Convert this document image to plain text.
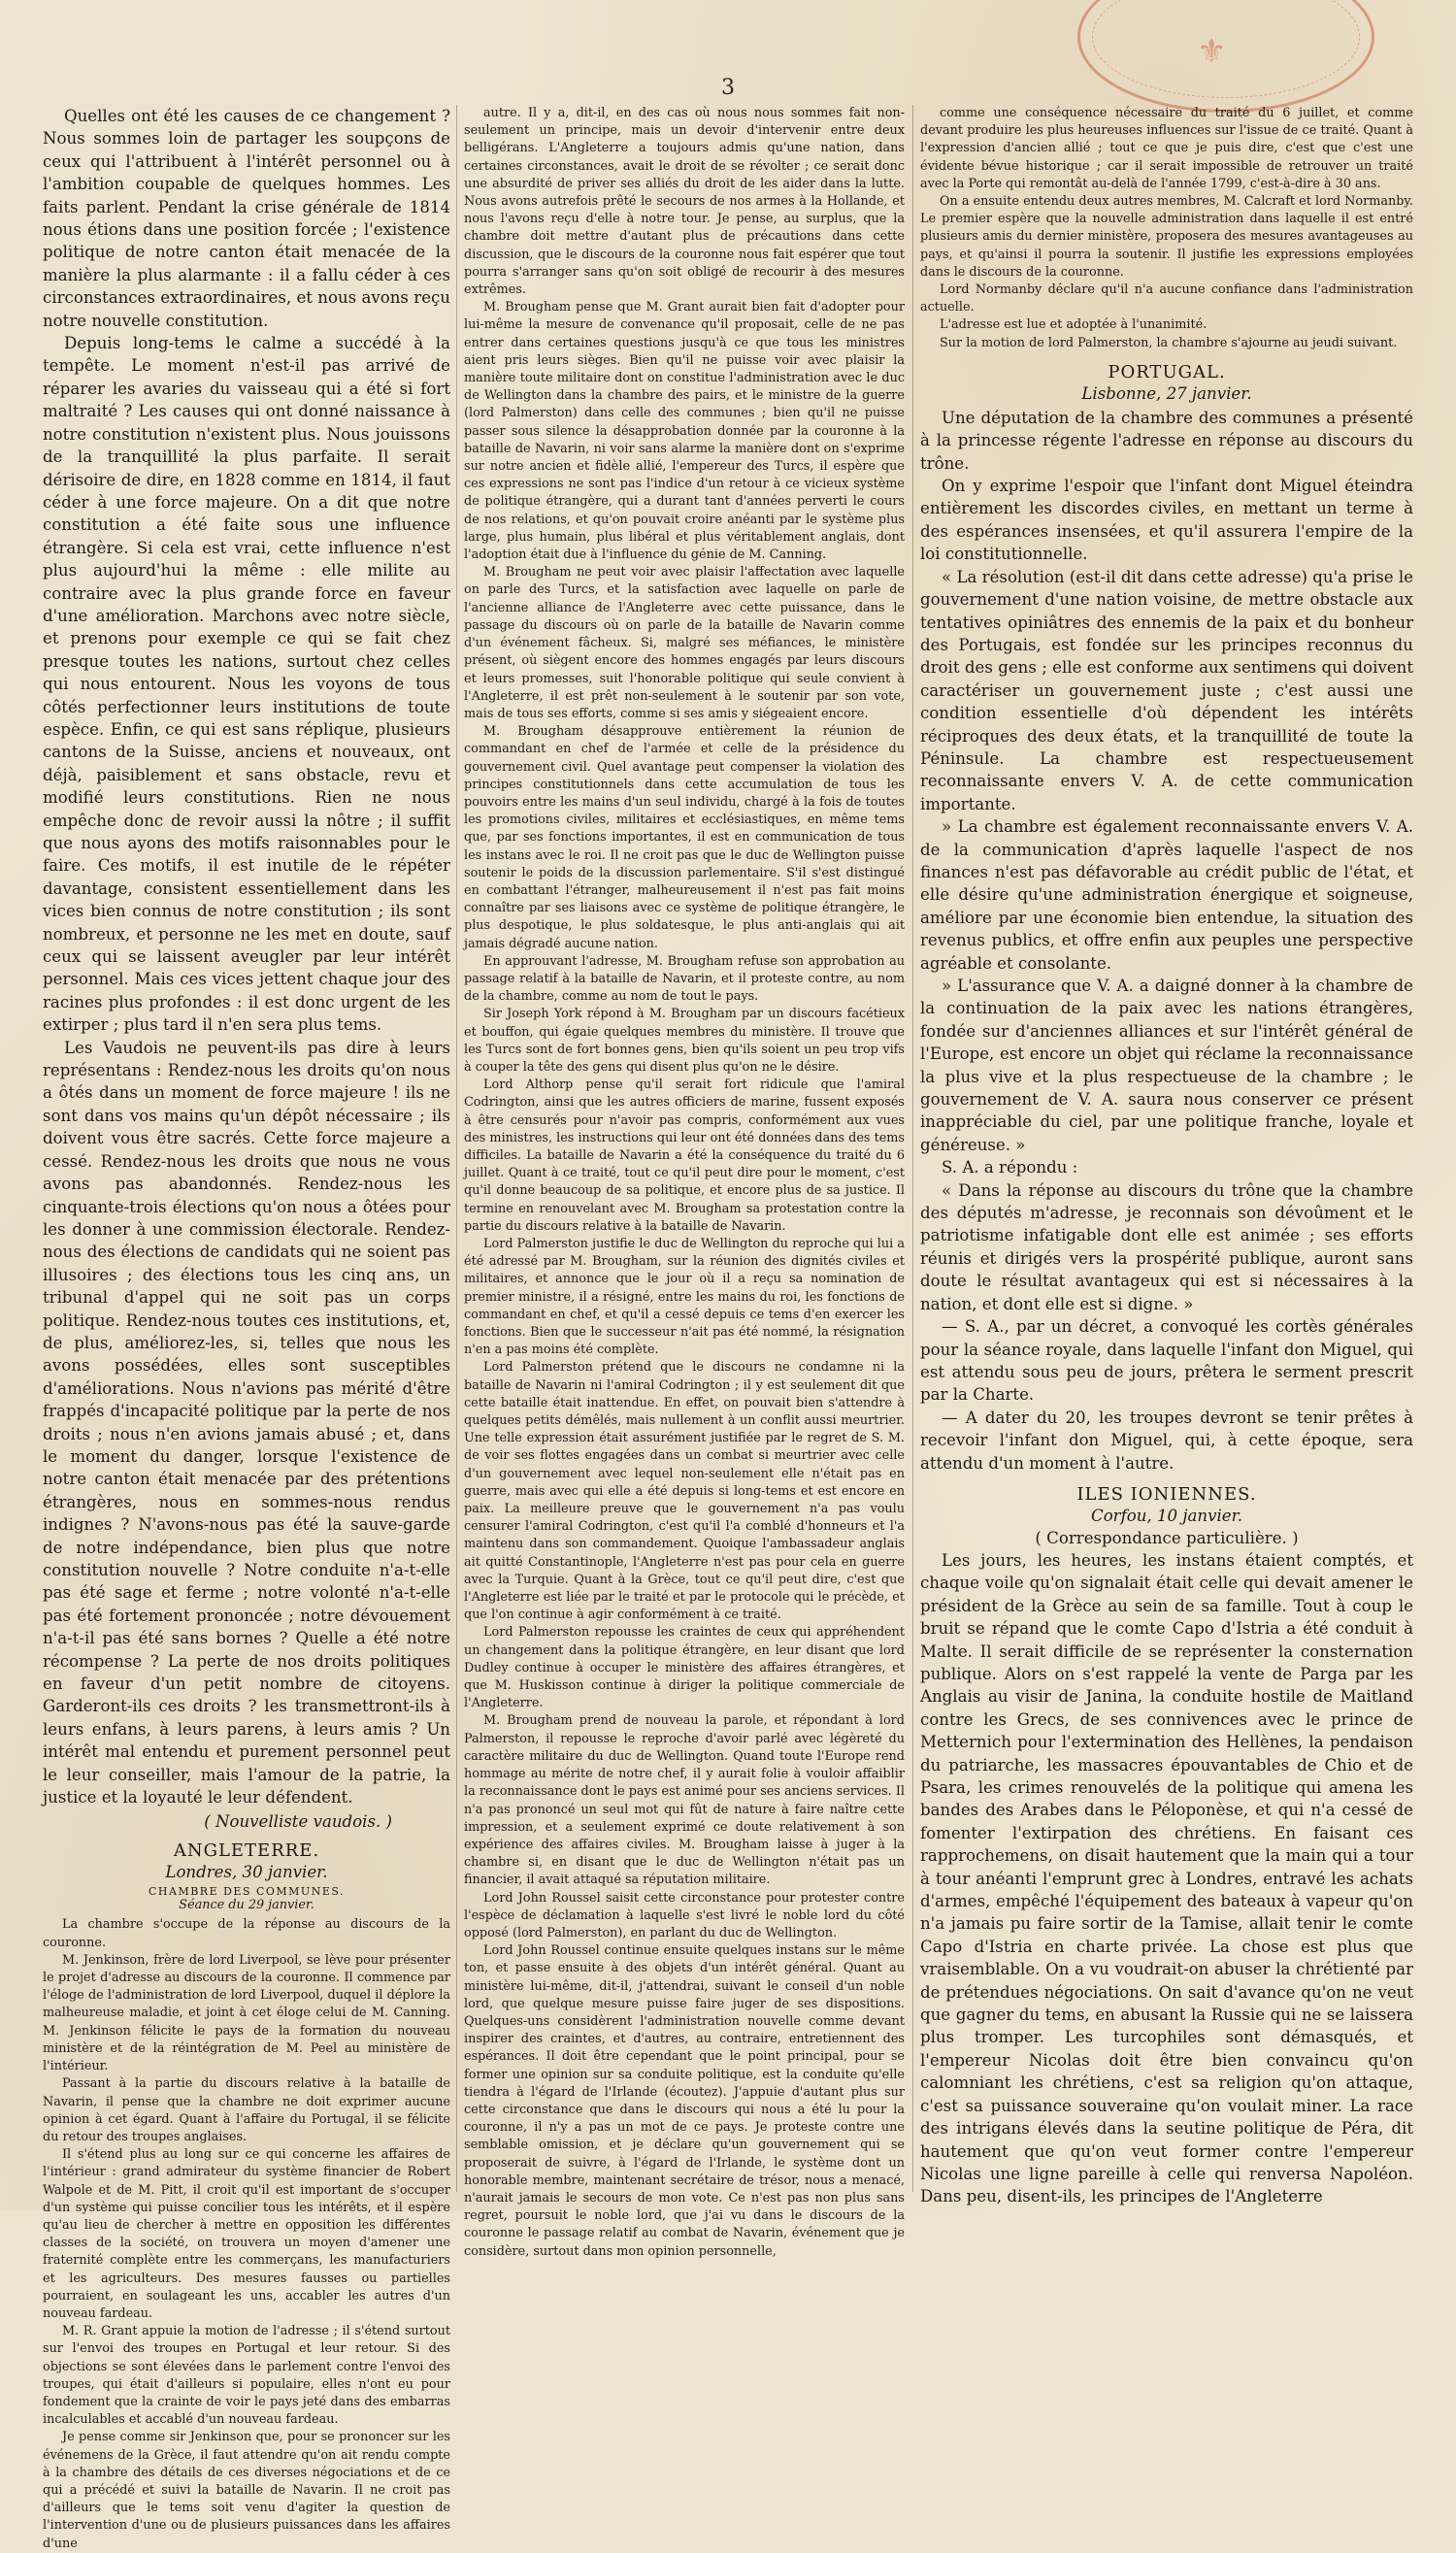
⚜
3

Quelles ont été les causes de ce changement ? Nous sommes loin de partager les soupçons de ceux qui l'attribuent à l'intérêt personnel ou à l'ambition coupable de quelques hommes. Les faits parlent. Pendant la crise générale de 1814 nous étions dans une position forcée ; l'existence politique de notre canton était menacée de la manière la plus alarmante : il a fallu céder à ces circonstances extraordinaires, et nous avons reçu notre nouvelle constitution.

Depuis long-tems le calme a succédé à la tempête. Le moment n'est-il pas arrivé de réparer les avaries du vaisseau qui a été si fort maltraité ? Les causes qui ont donné naissance à notre constitution n'existent plus. Nous jouissons de la tranquillité la plus parfaite. Il serait dérisoire de dire, en 1828 comme en 1814, il faut céder à une force majeure. On a dit que notre constitution a été faite sous une influence étrangère. Si cela est vrai, cette influence n'est plus aujourd'hui la même : elle milite au contraire avec la plus grande force en faveur d'une amélioration. Marchons avec notre siècle, et prenons pour exemple ce qui se fait chez presque toutes les nations, surtout chez celles qui nous entourent. Nous les voyons de tous côtés perfectionner leurs institutions de toute espèce. Enfin, ce qui est sans réplique, plusieurs cantons de la Suisse, anciens et nouveaux, ont déjà, paisiblement et sans obstacle, revu et modifié leurs constitutions. Rien ne nous empêche donc de revoir aussi la nôtre ; il suffit que nous ayons des motifs raisonnables pour le faire. Ces motifs, il est inutile de le répéter davantage, consistent essentiellement dans les vices bien connus de notre constitution ; ils sont nombreux, et personne ne les met en doute, sauf ceux qui se laissent aveugler par leur intérêt personnel. Mais ces vices jettent chaque jour des racines plus profondes : il est donc urgent de les extirper ; plus tard il n'en sera plus tems.

Les Vaudois ne peuvent-ils pas dire à leurs représentans : Rendez-nous les droits qu'on nous a ôtés dans un moment de force majeure ! ils ne sont dans vos mains qu'un dépôt nécessaire ; ils doivent vous être sacrés. Cette force majeure a cessé. Rendez-nous les droits que nous ne vous avons pas abandonnés. Rendez-nous les cinquante-trois élections qu'on nous a ôtées pour les donner à une commission électorale. Rendez-nous des élections de candidats qui ne soient pas illusoires ; des élections tous les cinq ans, un tribunal d'appel qui ne soit pas un corps politique. Rendez-nous toutes ces institutions, et, de plus, améliorez-les, si, telles que nous les avons possédées, elles sont susceptibles d'améliorations. Nous n'avions pas mérité d'être frappés d'incapacité politique par la perte de nos droits ; nous n'en avions jamais abusé ; et, dans le moment du danger, lorsque l'existence de notre canton était menacée par des prétentions étrangères, nous en sommes-nous rendus indignes ? N'avons-nous pas été la sauve-garde de notre indépendance, bien plus que notre constitution nouvelle ? Notre conduite n'a-t-elle pas été sage et ferme ; notre volonté n'a-t-elle pas été fortement prononcée ; notre dévouement n'a-t-il pas été sans bornes ? Quelle a été notre récompense ? La perte de nos droits politiques en faveur d'un petit nombre de citoyens. Garderont-ils ces droits ? les transmettront-ils à leurs enfans, à leurs parens, à leurs amis ? Un intérêt mal entendu et purement personnel peut le leur conseiller, mais l'amour de la patrie, la justice et la loyauté le leur défendent.

( Nouvelliste vaudois. )
ANGLETERRE.
Londres, 30 janvier.
CHAMBRE DES COMMUNES.
Séance du 29 janvier.

La chambre s'occupe de la réponse au discours de la couronne.

M. Jenkinson, frère de lord Liverpool, se lève pour présenter le projet d'adresse au discours de la couronne. Il commence par l'éloge de l'administration de lord Liverpool, duquel il déplore la malheureuse maladie, et joint à cet éloge celui de M. Canning. M. Jenkinson félicite le pays de la formation du nouveau ministère et de la réintégration de M. Peel au ministère de l'intérieur.

Passant à la partie du discours relative à la bataille de Navarin, il pense que la chambre ne doit exprimer aucune opinion à cet égard. Quant à l'affaire du Portugal, il se félicite du retour des troupes anglaises.

Il s'étend plus au long sur ce qui concerne les affaires de l'intérieur : grand admirateur du système financier de Robert Walpole et de M. Pitt, il croit qu'il est important de s'occuper d'un système qui puisse concilier tous les intérêts, et il espère qu'au lieu de chercher à mettre en opposition les différentes classes de la société, on trouvera un moyen d'amener une fraternité complète entre les commerçans, les manufacturiers et les agriculteurs. Des mesures fausses ou partielles pourraient, en soulageant les uns, accabler les autres d'un nouveau fardeau.

M. R. Grant appuie la motion de l'adresse ; il s'étend surtout sur l'envoi des troupes en Portugal et leur retour. Si des objections se sont élevées dans le parlement contre l'envoi des troupes, qui était d'ailleurs si populaire, elles n'ont eu pour fondement que la crainte de voir le pays jeté dans des embarras incalculables et accablé d'un nouveau fardeau.

Je pense comme sir Jenkinson que, pour se prononcer sur les événemens de la Grèce, il faut attendre qu'on ait rendu compte à la chambre des détails de ces diverses négociations et de ce qui a précédé et suivi la bataille de Navarin. Il ne croit pas d'ailleurs que le tems soit venu d'agiter la question de l'intervention d'une ou de plusieurs puissances dans les affaires d'une

autre. Il y a, dit-il, en des cas où nous nous sommes fait non-seulement un principe, mais un devoir d'intervenir entre deux belligérans. L'Angleterre a toujours admis qu'une nation, dans certaines circonstances, avait le droit de se révolter ; ce serait donc une absurdité de priver ses alliés du droit de les aider dans la lutte. Nous avons autrefois prêté le secours de nos armes à la Hollande, et nous l'avons reçu d'elle à notre tour. Je pense, au surplus, que la chambre doit mettre d'autant plus de précautions dans cette discussion, que le discours de la couronne nous fait espérer que tout pourra s'arranger sans qu'on soit obligé de recourir à des mesures extrêmes.

M. Brougham pense que M. Grant aurait bien fait d'adopter pour lui-même la mesure de convenance qu'il proposait, celle de ne pas entrer dans certaines questions jusqu'à ce que tous les ministres aient pris leurs sièges. Bien qu'il ne puisse voir avec plaisir la manière toute militaire dont on constitue l'administration avec le duc de Wellington dans la chambre des pairs, et le ministre de la guerre (lord Palmerston) dans celle des communes ; bien qu'il ne puisse passer sous silence la désapprobation donnée par la couronne à la bataille de Navarin, ni voir sans alarme la manière dont on s'exprime sur notre ancien et fidèle allié, l'empereur des Turcs, il espère que ces expressions ne sont pas l'indice d'un retour à ce vicieux système de politique étrangère, qui a durant tant d'années perverti le cours de nos relations, et qu'on pouvait croire anéanti par le système plus large, plus humain, plus libéral et plus véritablement anglais, dont l'adoption était due à l'influence du génie de M. Canning.

M. Brougham ne peut voir avec plaisir l'affectation avec laquelle on parle des Turcs, et la satisfaction avec laquelle on parle de l'ancienne alliance de l'Angleterre avec cette puissance, dans le passage du discours où on parle de la bataille de Navarin comme d'un événement fâcheux. Si, malgré ses méfiances, le ministère présent, où siègent encore des hommes engagés par leurs discours et leurs promesses, suit l'honorable politique qui seule convient à l'Angleterre, il est prêt non-seulement à le soutenir par son vote, mais de tous ses efforts, comme si ses amis y siégeaient encore.

M. Brougham désapprouve entièrement la réunion de commandant en chef de l'armée et celle de la présidence du gouvernement civil. Quel avantage peut compenser la violation des principes constitutionnels dans cette accumulation de tous les pouvoirs entre les mains d'un seul individu, chargé à la fois de toutes les promotions civiles, militaires et ecclésiastiques, en même tems que, par ses fonctions importantes, il est en communication de tous les instans avec le roi. Il ne croit pas que le duc de Wellington puisse soutenir le poids de la discussion parlementaire. S'il s'est distingué en combattant l'étranger, malheureusement il n'est pas fait moins connaître par ses liaisons avec ce système de politique étrangère, le plus despotique, le plus soldatesque, le plus anti-anglais qui ait jamais dégradé aucune nation.

En approuvant l'adresse, M. Brougham refuse son approbation au passage relatif à la bataille de Navarin, et il proteste contre, au nom de la chambre, comme au nom de tout le pays.

Sir Joseph York répond à M. Brougham par un discours facétieux et bouffon, qui égaie quelques membres du ministère. Il trouve que les Turcs sont de fort bonnes gens, bien qu'ils soient un peu trop vifs à couper la tête des gens qui disent plus qu'on ne le désire.

Lord Althorp pense qu'il serait fort ridicule que l'amiral Codrington, ainsi que les autres officiers de marine, fussent exposés à être censurés pour n'avoir pas compris, conformément aux vues des ministres, les instructions qui leur ont été données dans des tems difficiles. La bataille de Navarin a été la conséquence du traité du 6 juillet. Quant à ce traité, tout ce qu'il peut dire pour le moment, c'est qu'il donne beaucoup de sa politique, et encore plus de sa justice. Il termine en renouvelant avec M. Brougham sa protestation contre la partie du discours relative à la bataille de Navarin.

Lord Palmerston justifie le duc de Wellington du reproche qui lui a été adressé par M. Brougham, sur la réunion des dignités civiles et militaires, et annonce que le jour où il a reçu sa nomination de premier ministre, il a résigné, entre les mains du roi, les fonctions de commandant en chef, et qu'il a cessé depuis ce tems d'en exercer les fonctions. Bien que le successeur n'ait pas été nommé, la résignation n'en a pas moins été complète.

Lord Palmerston prétend que le discours ne condamne ni la bataille de Navarin ni l'amiral Codrington ; il y est seulement dit que cette bataille était inattendue. En effet, on pouvait bien s'attendre à quelques petits démêlés, mais nullement à un conflit aussi meurtrier. Une telle expression était assurément justifiée par le regret de S. M. de voir ses flottes engagées dans un combat si meurtrier avec celle d'un gouvernement avec lequel non-seulement elle n'était pas en guerre, mais avec qui elle a été depuis si long-tems et est encore en paix. La meilleure preuve que le gouvernement n'a pas voulu censurer l'amiral Codrington, c'est qu'il l'a comblé d'honneurs et l'a maintenu dans son commandement. Quoique l'ambassadeur anglais ait quitté Constantinople, l'Angleterre n'est pas pour cela en guerre avec la Turquie. Quant à la Grèce, tout ce qu'il peut dire, c'est que l'Angleterre est liée par le traité et par le protocole qui le précède, et que l'on continue à agir conformément à ce traité.

Lord Palmerston repousse les craintes de ceux qui appréhendent un changement dans la politique étrangère, en leur disant que lord Dudley continue à occuper le ministère des affaires étrangères, et que M. Huskisson continue à diriger la politique commerciale de l'Angleterre.

M. Brougham prend de nouveau la parole, et répondant à lord Palmerston, il repousse le reproche d'avoir parlé avec légèreté du caractère militaire du duc de Wellington. Quand toute l'Europe rend hommage au mérite de notre chef, il y aurait folie à vouloir affaiblir la reconnaissance dont le pays est animé pour ses anciens services. Il n'a pas prononcé un seul mot qui fût de nature à faire naître cette impression, et a seulement exprimé ce doute relativement à son expérience des affaires civiles. M. Brougham laisse à juger à la chambre si, en disant que le duc de Wellington n'était pas un financier, il avait attaqué sa réputation militaire.

Lord John Roussel saisit cette circonstance pour protester contre l'espèce de déclamation à laquelle s'est livré le noble lord du côté opposé (lord Palmerston), en parlant du duc de Wellington.

Lord John Roussel continue ensuite quelques instans sur le même ton, et passe ensuite à des objets d'un intérêt général. Quant au ministère lui-même, dit-il, j'attendrai, suivant le conseil d'un noble lord, que quelque mesure puisse faire juger de ses dispositions. Quelques-uns considèrent l'administration nouvelle comme devant inspirer des craintes, et d'autres, au contraire, entretiennent des espérances. Il doit être cependant que le point principal, pour se former une opinion sur sa conduite politique, est la conduite qu'elle tiendra à l'égard de l'Irlande (écoutez). J'appuie d'autant plus sur cette circonstance que dans le discours qui nous a été lu pour la couronne, il n'y a pas un mot de ce pays. Je proteste contre une semblable omission, et je déclare qu'un gouvernement qui se proposerait de suivre, à l'égard de l'Irlande, le système dont un honorable membre, maintenant secrétaire de trésor, nous a menacé, n'aurait jamais le secours de mon vote. Ce n'est pas non plus sans regret, poursuit le noble lord, que j'ai vu dans le discours de la couronne le passage relatif au combat de Navarin, événement que je considère, surtout dans mon opinion personnelle,

comme une conséquence nécessaire du traité du 6 juillet, et comme devant produire les plus heureuses influences sur l'issue de ce traité. Quant à l'expression d'ancien allié ; tout ce que je puis dire, c'est que c'est une évidente bévue historique ; car il serait impossible de retrouver un traité avec la Porte qui remontât au-delà de l'année 1799, c'est-à-dire à 30 ans.

On a ensuite entendu deux autres membres, M. Calcraft et lord Normanby. Le premier espère que la nouvelle administration dans laquelle il est entré plusieurs amis du dernier ministère, proposera des mesures avantageuses au pays, et qu'ainsi il pourra la soutenir. Il justifie les expressions employées dans le discours de la couronne.

Lord Normanby déclare qu'il n'a aucune confiance dans l'administration actuelle.

L'adresse est lue et adoptée à l'unanimité.

Sur la motion de lord Palmerston, la chambre s'ajourne au jeudi suivant.

PORTUGAL.
Lisbonne, 27 janvier.

Une députation de la chambre des communes a présenté à la princesse régente l'adresse en réponse au discours du trône.

On y exprime l'espoir que l'infant dont Miguel éteindra entièrement les discordes civiles, en mettant un terme à des espérances insensées, et qu'il assurera l'empire de la loi constitutionnelle.

« La résolution (est-il dit dans cette adresse) qu'a prise le gouvernement d'une nation voisine, de mettre obstacle aux tentatives opiniâtres des ennemis de la paix et du bonheur des Portugais, est fondée sur les principes reconnus du droit des gens ; elle est conforme aux sentimens qui doivent caractériser un gouvernement juste ; c'est aussi une condition essentielle d'où dépendent les intérêts réciproques des deux états, et la tranquillité de toute la Péninsule. La chambre est respectueusement reconnaissante envers V. A. de cette communication importante.

» La chambre est également reconnaissante envers V. A. de la communication d'après laquelle l'aspect de nos finances n'est pas défavorable au crédit public de l'état, et elle désire qu'une administration énergique et soigneuse, améliore par une économie bien entendue, la situation des revenus publics, et offre enfin aux peuples une perspective agréable et consolante.

» L'assurance que V. A. a daigné donner à la chambre de la continuation de la paix avec les nations étrangères, fondée sur d'anciennes alliances et sur l'intérêt général de l'Europe, est encore un objet qui réclame la reconnaissance la plus vive et la plus respectueuse de la chambre ; le gouvernement de V. A. saura nous conserver ce présent inappréciable du ciel, par une politique franche, loyale et généreuse. »

S. A. a répondu :

« Dans la réponse au discours du trône que la chambre des députés m'adresse, je reconnais son dévoûment et le patriotisme infatigable dont elle est animée ; ses efforts réunis et dirigés vers la prospérité publique, auront sans doute le résultat avantageux qui est si nécessaires à la nation, et dont elle est si digne. »

— S. A., par un décret, a convoqué les cortès générales pour la séance royale, dans laquelle l'infant don Miguel, qui est attendu sous peu de jours, prêtera le serment prescrit par la Charte.

— A dater du 20, les troupes devront se tenir prêtes à recevoir l'infant don Miguel, qui, à cette époque, sera attendu d'un moment à l'autre.

ILES IONIENNES.
Corfou, 10 janvier.
( Correspondance particulière. )

Les jours, les heures, les instans étaient comptés, et chaque voile qu'on signalait était celle qui devait amener le président de la Grèce au sein de sa famille. Tout à coup le bruit se répand que le comte Capo d'Istria a été conduit à Malte. Il serait difficile de se représenter la consternation publique. Alors on s'est rappelé la vente de Parga par les Anglais au visir de Janina, la conduite hostile de Maitland contre les Grecs, de ses connivences avec le prince de Metternich pour l'extermination des Hellènes, la pendaison du patriarche, les massacres épouvantables de Chio et de Psara, les crimes renouvelés de la politique qui amena les bandes des Arabes dans le Péloponèse, et qui n'a cessé de fomenter l'extirpation des chrétiens. En faisant ces rapprochemens, on disait hautement que la main qui a tour à tour anéanti l'emprunt grec à Londres, entravé les achats d'armes, empêché l'équipement des bateaux à vapeur qu'on n'a jamais pu faire sortir de la Tamise, allait tenir le comte Capo d'Istria en charte privée. La chose est plus que vraisemblable. On a vu voudrait-on abuser la chrétienté par de prétendues négociations. On sait d'avance qu'on ne veut que gagner du tems, en abusant la Russie qui ne se laissera plus tromper. Les turcophiles sont démasqués, et l'empereur Nicolas doit être bien convaincu qu'on calomniant les chrétiens, c'est sa religion qu'on attaque, c'est sa puissance souveraine qu'on voulait miner. La race des intrigans élevés dans la seutine politique de Péra, dit hautement que qu'on veut former contre l'empereur Nicolas une ligne pareille à celle qui renversa Napoléon. Dans peu, disent-ils, les principes de l'Angleterre
